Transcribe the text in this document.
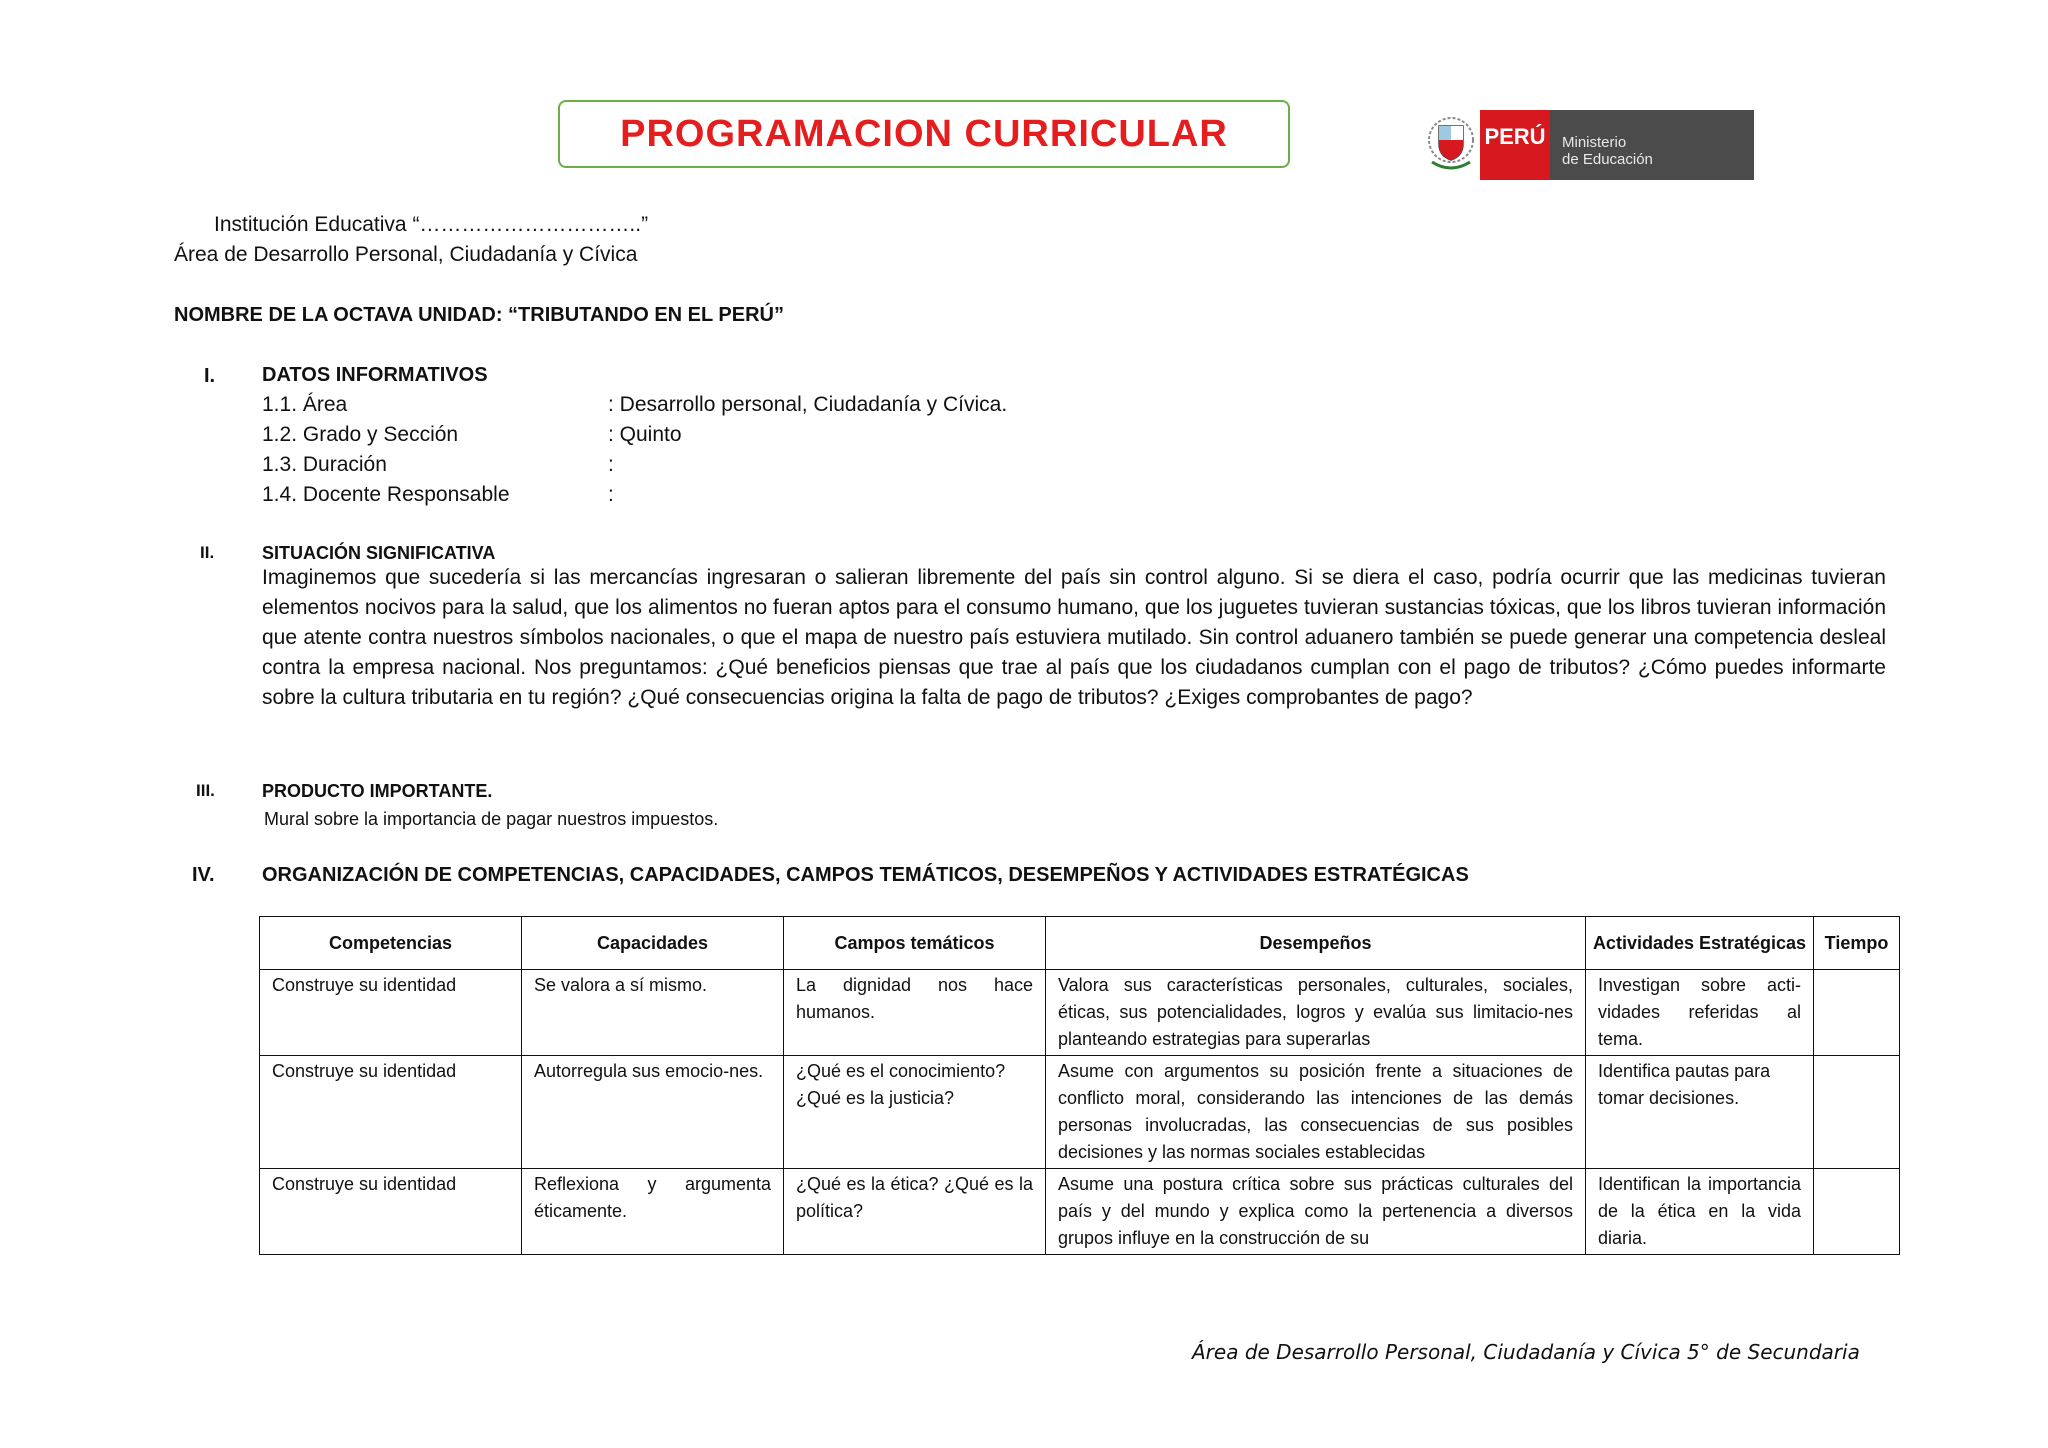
PROGRAMACION CURRICULAR	PERÚ Ministerio
de Educación
Institución Educativa “…………………………..”
Área de Desarrollo Personal, Ciudadanía y Cívica
NOMBRE DE LA OCTAVA UNIDAD: “TRIBUTANDO EN EL PERÚ”
I. DATOS INFORMATIVOS
1.1. Área	: Desarrollo personal, Ciudadanía y Cívica.
1.2. Grado y Sección	: Quinto
1.3. Duración	:
1.4. Docente Responsable	:
II.	SITUACIÓN SIGNIFICATIVA
Imaginemos que sucedería si las mercancías ingresaran o salieran libremente del país sin control alguno. Si se diera el caso, podría ocurrir que las medicinas tuvieran elementos nocivos para la salud, que los alimentos no fueran aptos para el consumo humano, que los juguetes tuvieran sustancias tóxicas, que los libros tuvieran información que atente contra nuestros símbolos nacionales, o que el mapa de nuestro país estuviera mutilado. Sin control aduanero también se puede generar una competencia desleal contra la empresa nacional. Nos preguntamos: ¿Qué beneficios piensas que trae al país que los ciudadanos cumplan con el pago de tributos? ¿Cómo puedes informarte sobre la cultura tributaria en tu región? ¿Qué consecuencias origina la falta de pago de tributos? ¿Exiges comprobantes de pago?
III.	PRODUCTO IMPORTANTE.
Mural sobre la importancia de pagar nuestros impuestos.
IV. ORGANIZACIÓN DE COMPETENCIAS, CAPACIDADES, CAMPOS TEMÁTICOS, DESEMPEÑOS Y ACTIVIDADES ESTRATÉGICAS
Competencias	Capacidades	Campos temáticos	Desempeños	Actividades Estratégicas	Tiempo
Construye su identidad	Se valora a sí mismo.	La dignidad nos hace humanos.	Valora sus características personales, culturales, sociales, éticas, sus potencialidades, logros y evalúa sus limitacio-nes planteando estrategias para superarlas	Investigan sobre acti-vidades referidas al tema.	
Construye su identidad	Autorregula sus emocio-nes.	¿Qué es el conocimiento? ¿Qué es la justicia?	Asume con argumentos su posición frente a situaciones de conflicto moral, considerando las intenciones de las demás personas involucradas, las consecuencias de sus posibles decisiones y las normas sociales establecidas	Identifica pautas para tomar decisiones.	
Construye su identidad	Reflexiona y argumenta éticamente.	¿Qué es la ética? ¿Qué es la política?	Asume una postura crítica sobre sus prácticas culturales del país y del mundo y explica como la pertenencia a diversos grupos influye en la construcción de su	Identifican la importancia de la ética en la vida diaria.	
Área de Desarrollo Personal, Ciudadanía y Cívica 5° de Secundaria
